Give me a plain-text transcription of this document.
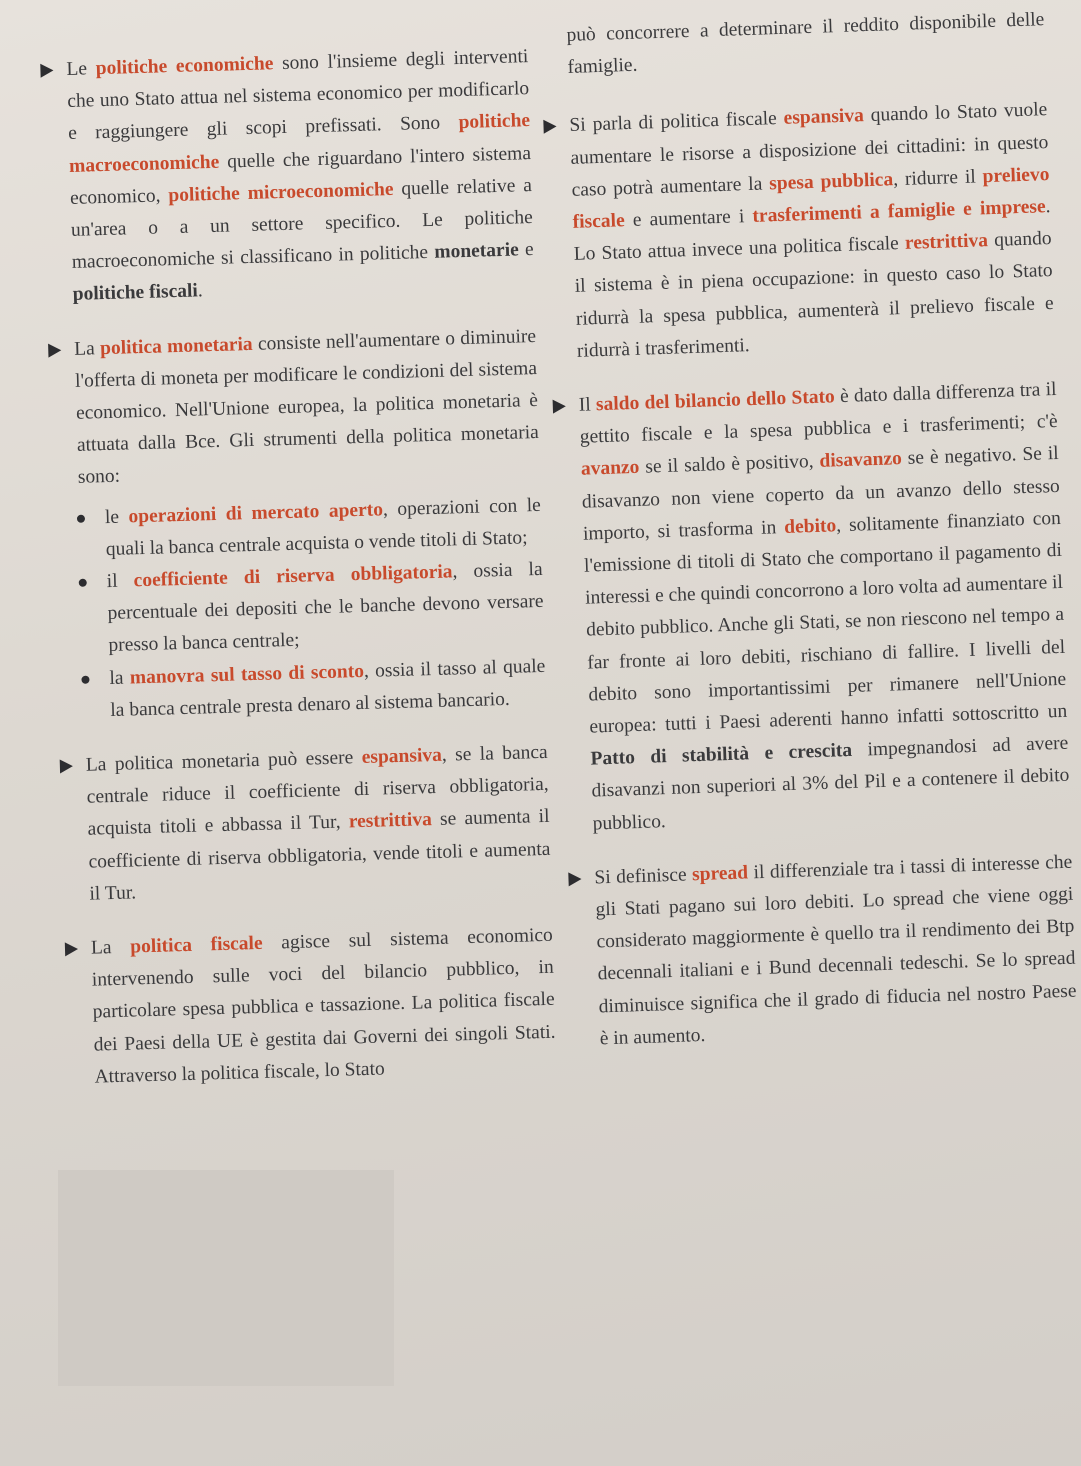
Le politiche economiche sono l'insieme degli interventi che uno Stato attua nel sistema economico per modificarlo e raggiungere gli scopi prefissati. Sono politiche macroeconomiche quelle che riguardano l'intero sistema economico, politiche microeconomiche quelle relative a un'area o a un settore specifico. Le politiche macroeconomiche si classificano in politiche monetarie e politiche fiscali.

La politica monetaria consiste nell'aumentare o diminuire l'offerta di moneta per modificare le condizioni del sistema economico. Nell'Unione europea, la politica monetaria è attuata dalla Bce. Gli strumenti della politica monetaria sono:

le operazioni di mercato aperto, operazioni con le quali la banca centrale acquista o vende titoli di Stato;
il coefficiente di riserva obbligatoria, ossia la percentuale dei depositi che le banche devono versare presso la banca centrale;
la manovra sul tasso di sconto, ossia il tasso al quale la banca centrale presta denaro al sistema bancario.

La politica monetaria può essere espansiva, se la banca centrale riduce il coefficiente di riserva obbligatoria, acquista titoli e abbassa il Tur, restrittiva se aumenta il coefficiente di riserva obbligatoria, vende titoli e aumenta il Tur.

La politica fiscale agisce sul sistema economico intervenendo sulle voci del bilancio pubblico, in particolare spesa pubblica e tassazione. La politica fiscale dei Paesi della UE è gestita dai Governi dei singoli Stati. Attraverso la politica fiscale, lo Stato

può concorrere a determinare il reddito disponibile delle famiglie.

Si parla di politica fiscale espansiva quando lo Stato vuole aumentare le risorse a disposizione dei cittadini: in questo caso potrà aumentare la spesa pubblica, ridurre il prelievo fiscale e aumentare i trasferimenti a famiglie e imprese. Lo Stato attua invece una politica fiscale restrittiva quando il sistema è in piena occupazione: in questo caso lo Stato ridurrà la spesa pubblica, aumenterà il prelievo fiscale e ridurrà i trasferimenti.

Il saldo del bilancio dello Stato è dato dalla differenza tra il gettito fiscale e la spesa pubblica e i trasferimenti; c'è avanzo se il saldo è positivo, disavanzo se è negativo. Se il disavanzo non viene coperto da un avanzo dello stesso importo, si trasforma in debito, solitamente finanziato con l'emissione di titoli di Stato che comportano il pagamento di interessi e che quindi concorrono a loro volta ad aumentare il debito pubblico. Anche gli Stati, se non riescono nel tempo a far fronte ai loro debiti, rischiano di fallire. I livelli del debito sono importantissimi per rimanere nell'Unione europea: tutti i Paesi aderenti hanno infatti sottoscritto un Patto di stabilità e crescita impegnandosi ad avere disavanzi non superiori al 3% del Pil e a contenere il debito pubblico.

Si definisce spread il differenziale tra i tassi di interesse che gli Stati pagano sui loro debiti. Lo spread che viene oggi considerato maggiormente è quello tra il rendimento dei Btp decennali italiani e i Bund decennali tedeschi. Se lo spread diminuisce significa che il grado di fiducia nel nostro Paese è in aumento.
